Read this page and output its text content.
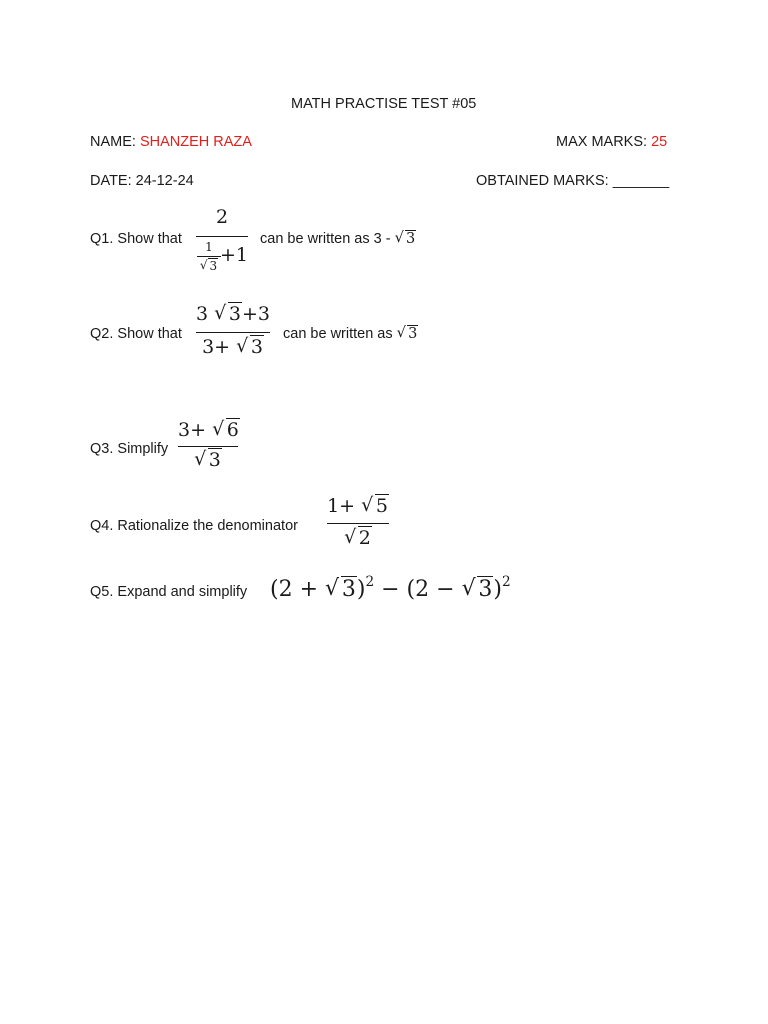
MATH PRACTISE TEST #05
NAME: SHANZEH RAZA	MAX MARKS: 25
DATE: 24-12-24	OBTAINED MARKS: _______
Q1. Show that
2
1
√ 3 +1
can be written as 3 - √ 3
Q2. Show that
3 √ 3+3
3+ √ 3
can be written as √ 3
Q3. Simplify
3+ √ 6
√ 3
Q4. Rationalize the denominator
1+ √ 5
√ 2
Q5. Expand and simplify (2 + √ 3)$^2$ − (2 − √ 3)$^2$
